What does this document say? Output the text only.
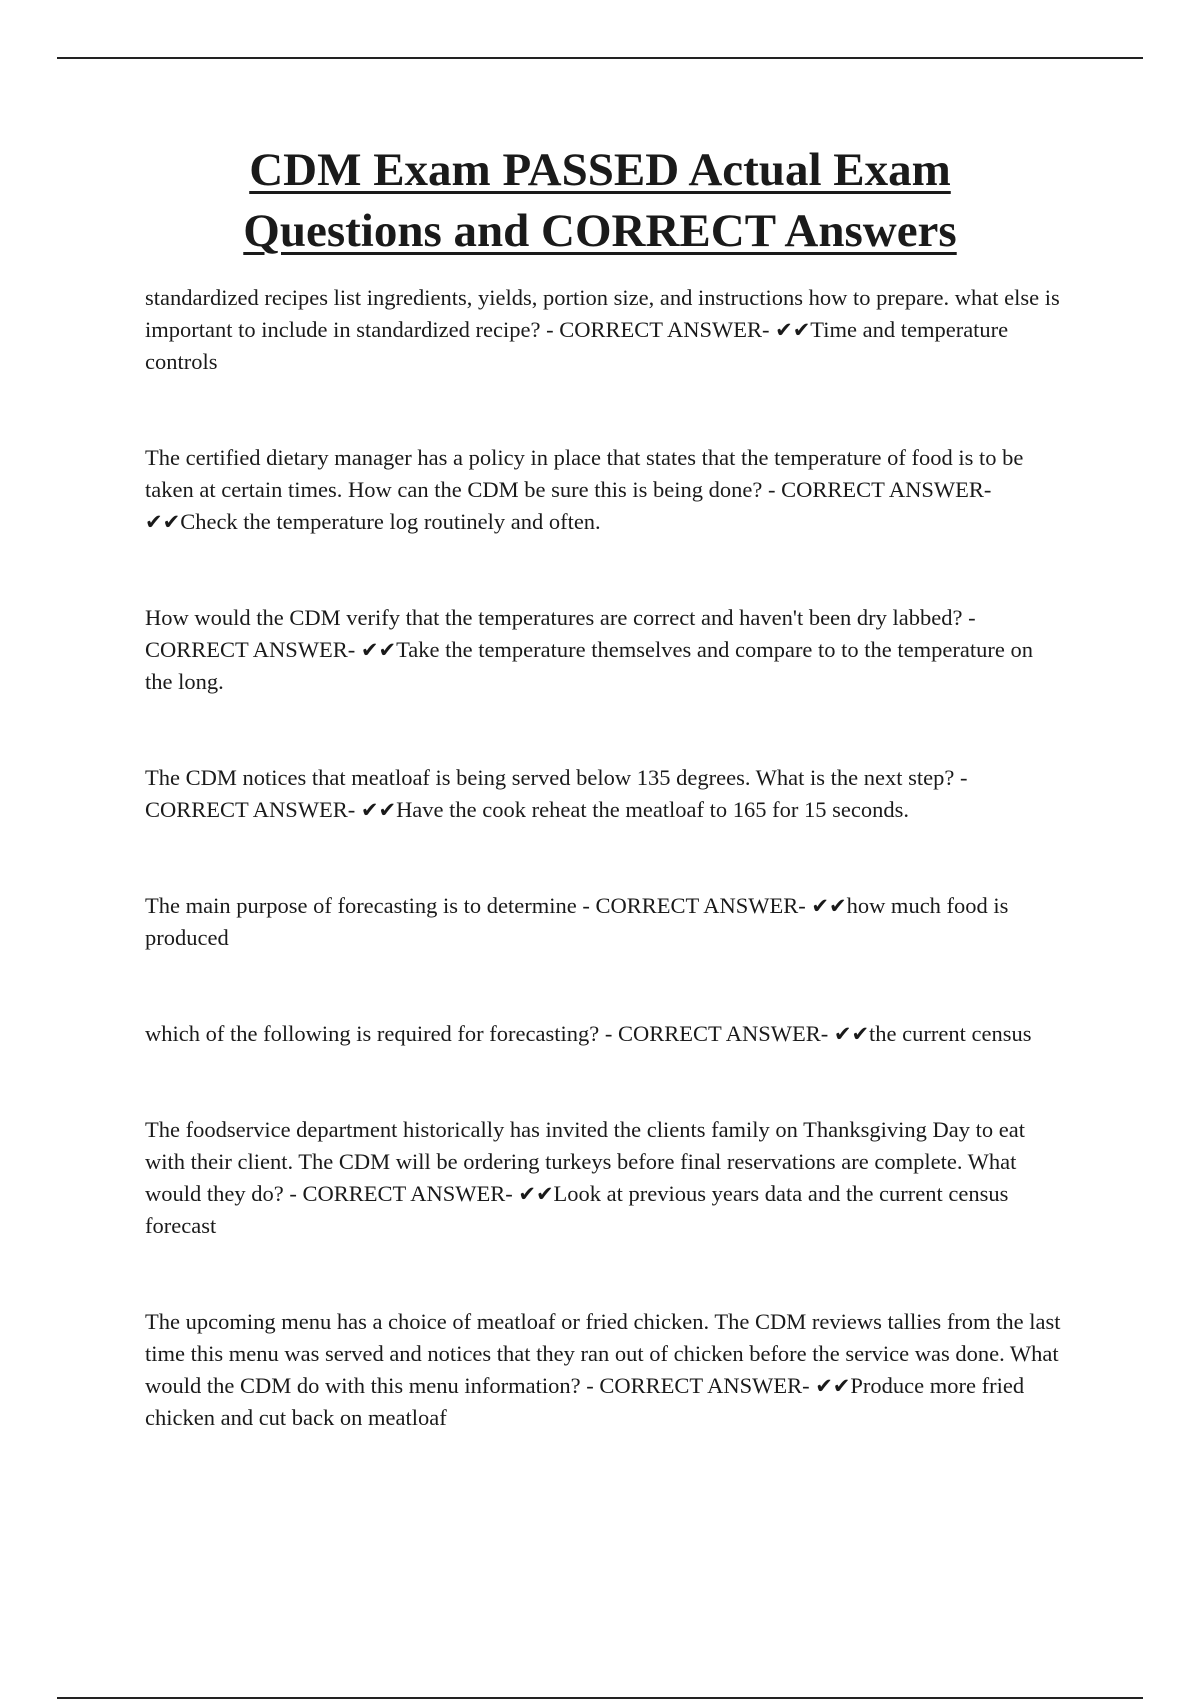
CDM Exam PASSED Actual Exam
Questions and CORRECT Answers

standardized recipes list ingredients, yields, portion size, and instructions how to prepare. what else is important to include in standardized recipe? - CORRECT ANSWER- ✔✔Time and temperature controls

The certified dietary manager has a policy in place that states that the temperature of food is to be taken at certain times. How can the CDM be sure this is being done? - CORRECT ANSWER- ✔✔Check the temperature log routinely and often.

How would the CDM verify that the temperatures are correct and haven't been dry labbed? - CORRECT ANSWER- ✔✔Take the temperature themselves and compare to to the temperature on the long.

The CDM notices that meatloaf is being served below 135 degrees. What is the next step? - CORRECT ANSWER- ✔✔Have the cook reheat the meatloaf to 165 for 15 seconds.

The main purpose of forecasting is to determine - CORRECT ANSWER- ✔✔how much food is produced

which of the following is required for forecasting? - CORRECT ANSWER- ✔✔the current census

The foodservice department historically has invited the clients family on Thanksgiving Day to eat with their client. The CDM will be ordering turkeys before final reservations are complete. What would they do? - CORRECT ANSWER- ✔✔Look at previous years data and the current census forecast

The upcoming menu has a choice of meatloaf or fried chicken. The CDM reviews tallies from the last time this menu was served and notices that they ran out of chicken before the service was done. What would the CDM do with this menu information? - CORRECT ANSWER- ✔✔Produce more fried chicken and cut back on meatloaf
